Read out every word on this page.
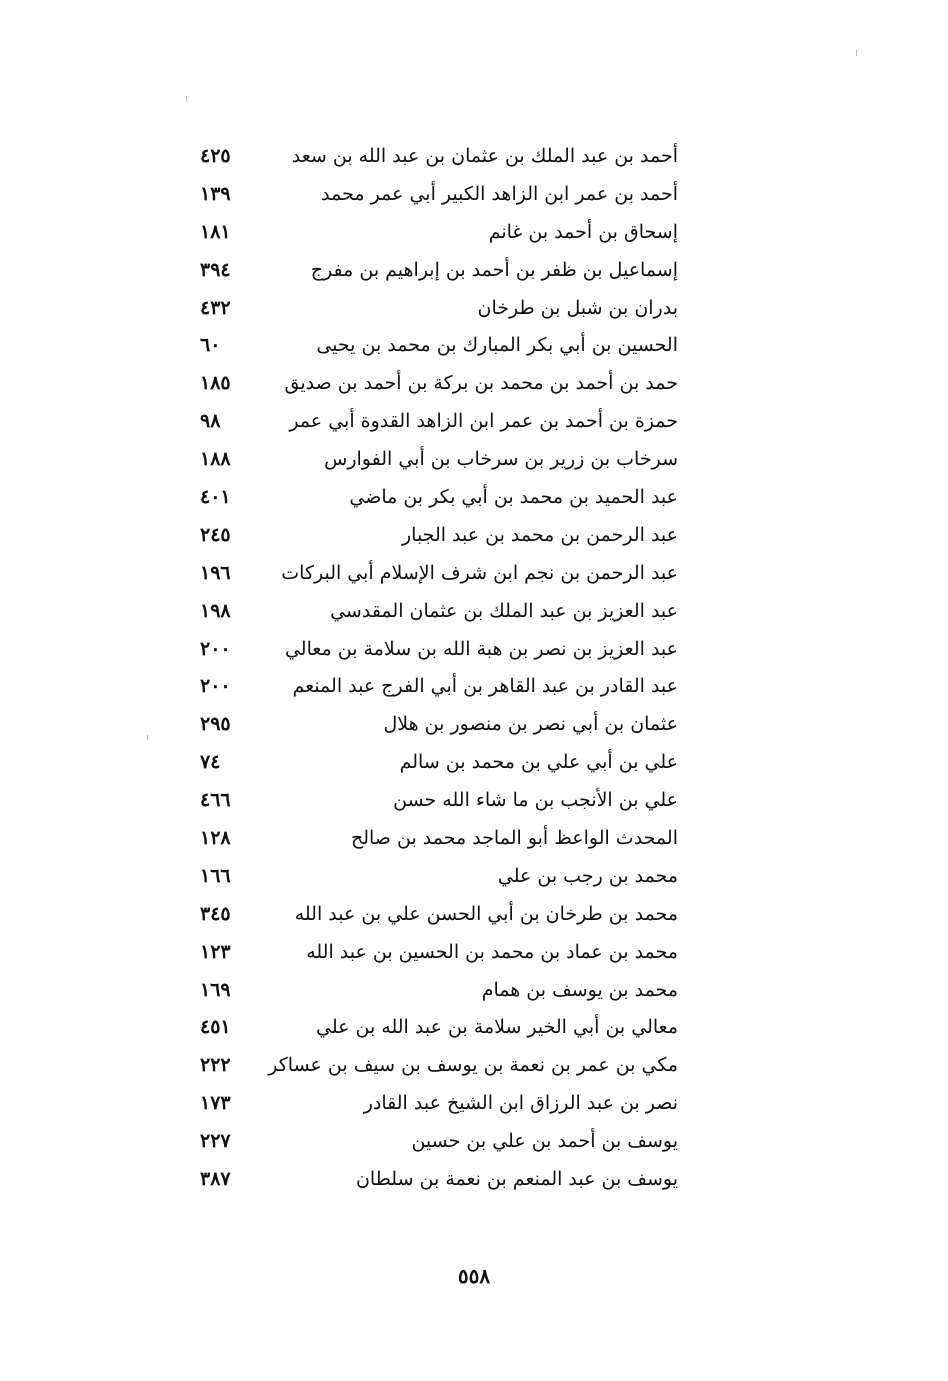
أحمد بن عبد الملك بن عثمان بن عبد الله بن سعد
٤٢٥
أحمد بن عمر ابن الزاهد الكبير أبي عمر محمد
١٣٩
إسحاق بن أحمد بن غانم
١٨١
إسماعيل بن ظفر بن أحمد بن إبراهيم بن مفرج
٣٩٤
بدران بن شبل بن طرخان
٤٣٢
الحسين بن أبي بكر المبارك بن محمد بن يحيى
٦٠
حمد بن أحمد بن محمد بن بركة بن أحمد بن صديق
١٨٥
حمزة بن أحمد بن عمر ابن الزاهد القدوة أبي عمر
٩٨
سرخاب بن زرير بن سرخاب بن أبي الفوارس
١٨٨
عبد الحميد بن محمد بن أبي بكر بن ماضي
٤٠١
عبد الرحمن بن محمد بن عبد الجبار
٢٤٥
عبد الرحمن بن نجم ابن شرف الإسلام أبي البركات
١٩٦
عبد العزيز بن عبد الملك بن عثمان المقدسي
١٩٨
عبد العزيز بن نصر بن هبة الله بن سلامة بن معالي
٢٠٠
عبد القادر بن عبد القاهر بن أبي الفرج عبد المنعم
٢٠٠
عثمان بن أبي نصر بن منصور بن هلال
٢٩٥
علي بن أبي علي بن محمد بن سالم
٧٤
علي بن الأنجب بن ما شاء الله حسن
٤٦٦
المحدث الواعظ أبو الماجد محمد بن صالح
١٢٨
محمد بن رجب بن علي
١٦٦
محمد بن طرخان بن أبي الحسن علي بن عبد الله
٣٤٥
محمد بن عماد بن محمد بن الحسين بن عبد الله
١٢٣
محمد بن يوسف بن همام
١٦٩
معالي بن أبي الخير سلامة بن عبد الله بن علي
٤٥١
مكي بن عمر بن نعمة بن يوسف بن سيف بن عساكر
٢٢٢
نصر بن عبد الرزاق ابن الشيخ عبد القادر
١٧٣
يوسف بن أحمد بن علي بن حسين
٢٢٧
يوسف بن عبد المنعم بن نعمة بن سلطان
٣٨٧
٥٥٨
